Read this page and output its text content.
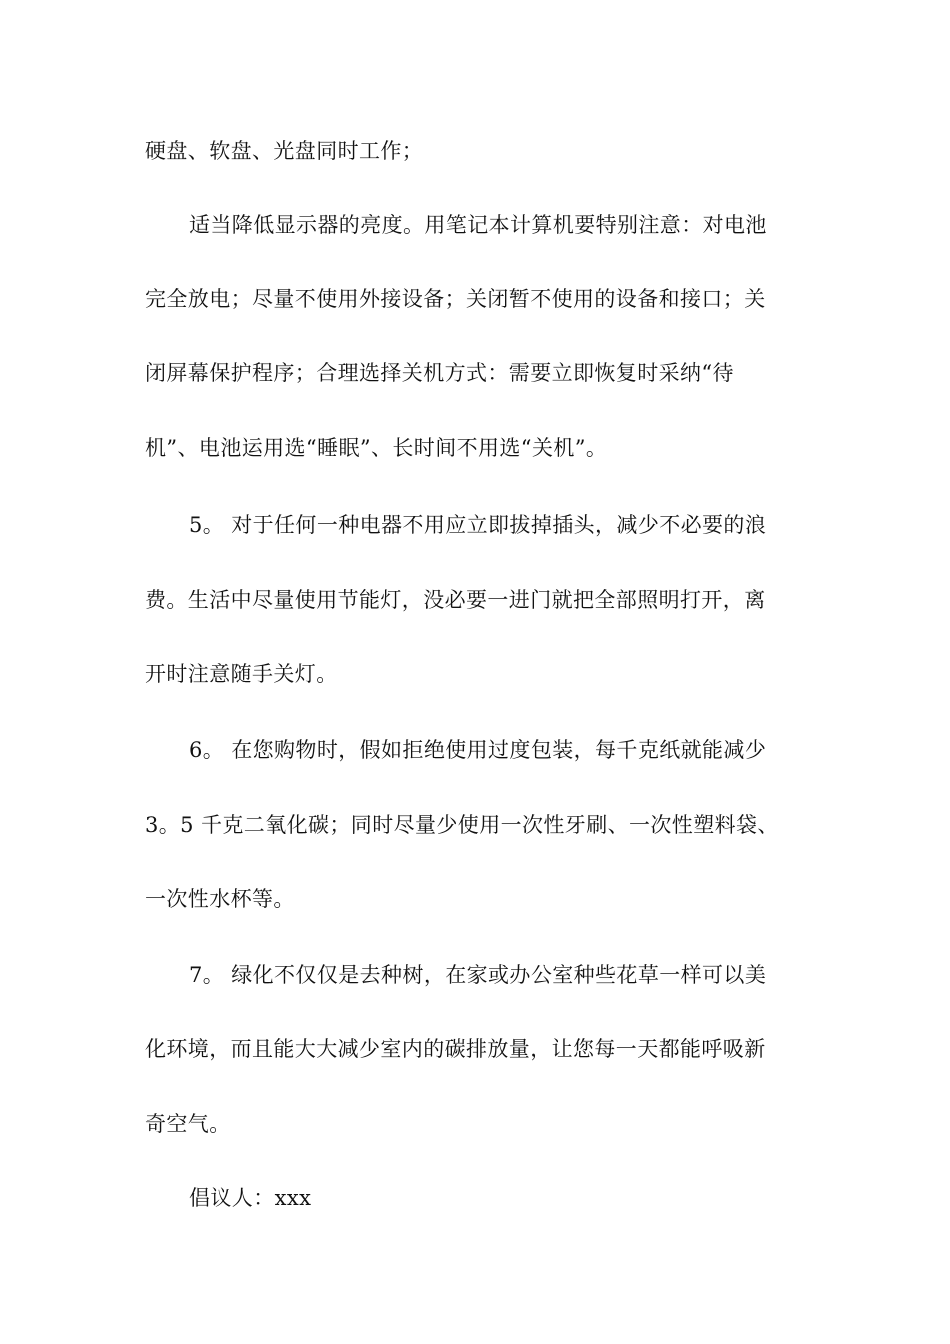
硬盘、软盘、光盘同时工作；
适当降低显示器的亮度。用笔记本计算机要特别注意：对电池
完全放电；尽量不使用外接设备；关闭暂不使用的设备和接口；关
闭屏幕保护程序；合理选择关机方式：需要立即恢复时采纳“待
机”、电池运用选“睡眠”、长时间不用选“关机”。
5。 对于任何一种电器不用应立即拔掉插头，减少不必要的浪
费。生活中尽量使用节能灯，没必要一进门就把全部照明打开，离
开时注意随手关灯。
6。 在您购物时，假如拒绝使用过度包装，每千克纸就能减少
3。5 千克二氧化碳；同时尽量少使用一次性牙刷、一次性塑料袋、
一次性水杯等。
7。 绿化不仅仅是去种树，在家或办公室种些花草一样可以美
化环境，而且能大大减少室内的碳排放量，让您每一天都能呼吸新
奇空气。
倡议人：xxx
